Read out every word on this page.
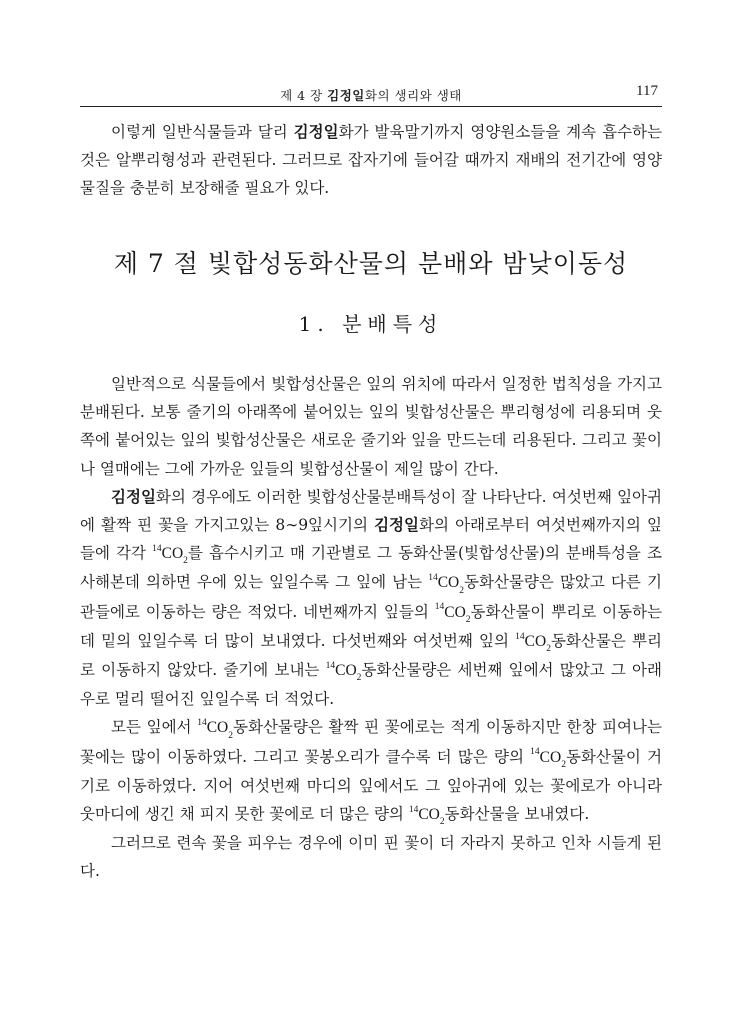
제 4 장 김정일화의 생리와 생태	117

이렇게 일반식물들과 달리 김정일화가 발육말기까지 영양원소들을 계속 흡수하는것은 알뿌리형성과 관련된다. 그러므로 잡자기에 들어갈 때까지 재배의 전기간에 영양물질을 충분히 보장해줄 필요가 있다.

제 7 절 빛합성동화산물의 분배와 밤낮이동성
1. 분배특성

일반적으로 식물들에서 빛합성산물은 잎의 위치에 따라서 일정한 법칙성을 가지고 분배된다. 보통 줄기의 아래쪽에 붙어있는 잎의 빛합성산물은 뿌리형성에 리용되며 웃쪽에 붙어있는 잎의 빛합성산물은 새로운 줄기와 잎을 만드는데 리용된다. 그리고 꽃이나 열매에는 그에 가까운 잎들의 빛합성산물이 제일 많이 간다.

김정일화의 경우에도 이러한 빛합성산물분배특성이 잘 나타난다. 여섯번째 잎아귀에 활짝 핀 꽃을 가지고있는 8∼9잎시기의 김정일화의 아래로부터 여섯번째까지의 잎들에 각각 $^{14}CO_2$를 흡수시키고 매 기관별로 그 동화산물(빛합성산물)의 분배특성을 조사해본데 의하면 우에 있는 잎일수록 그 잎에 남는 $^{14}CO_2$동화산물량은 많았고 다른 기관들에로 이동하는 량은 적었다. 네번째까지 잎들의 $^{14}CO_2$동화산물이 뿌리로 이동하는데 밑의 잎일수록 더 많이 보내였다. 다섯번째와 여섯번째 잎의 $^{14}CO_2$동화산물은 뿌리로 이동하지 않았다. 줄기에 보내는 $^{14}CO_2$동화산물량은 세번째 잎에서 많았고 그 아래우로 멀리 떨어진 잎일수록 더 적었다.

모든 잎에서 $^{14}CO_2$동화산물량은 활짝 핀 꽃에로는 적게 이동하지만 한창 피여나는 꽃에는 많이 이동하였다. 그리고 꽃봉오리가 클수록 더 많은 량의 $^{14}CO_2$동화산물이 거기로 이동하였다. 지어 여섯번째 마디의 잎에서도 그 잎아귀에 있는 꽃에로가 아니라 웃마디에 생긴 채 피지 못한 꽃에로 더 많은 량의 $^{14}CO_2$동화산물을 보내였다.

그러므로 련속 꽃을 피우는 경우에 이미 핀 꽃이 더 자라지 못하고 인차 시들게 된다.
